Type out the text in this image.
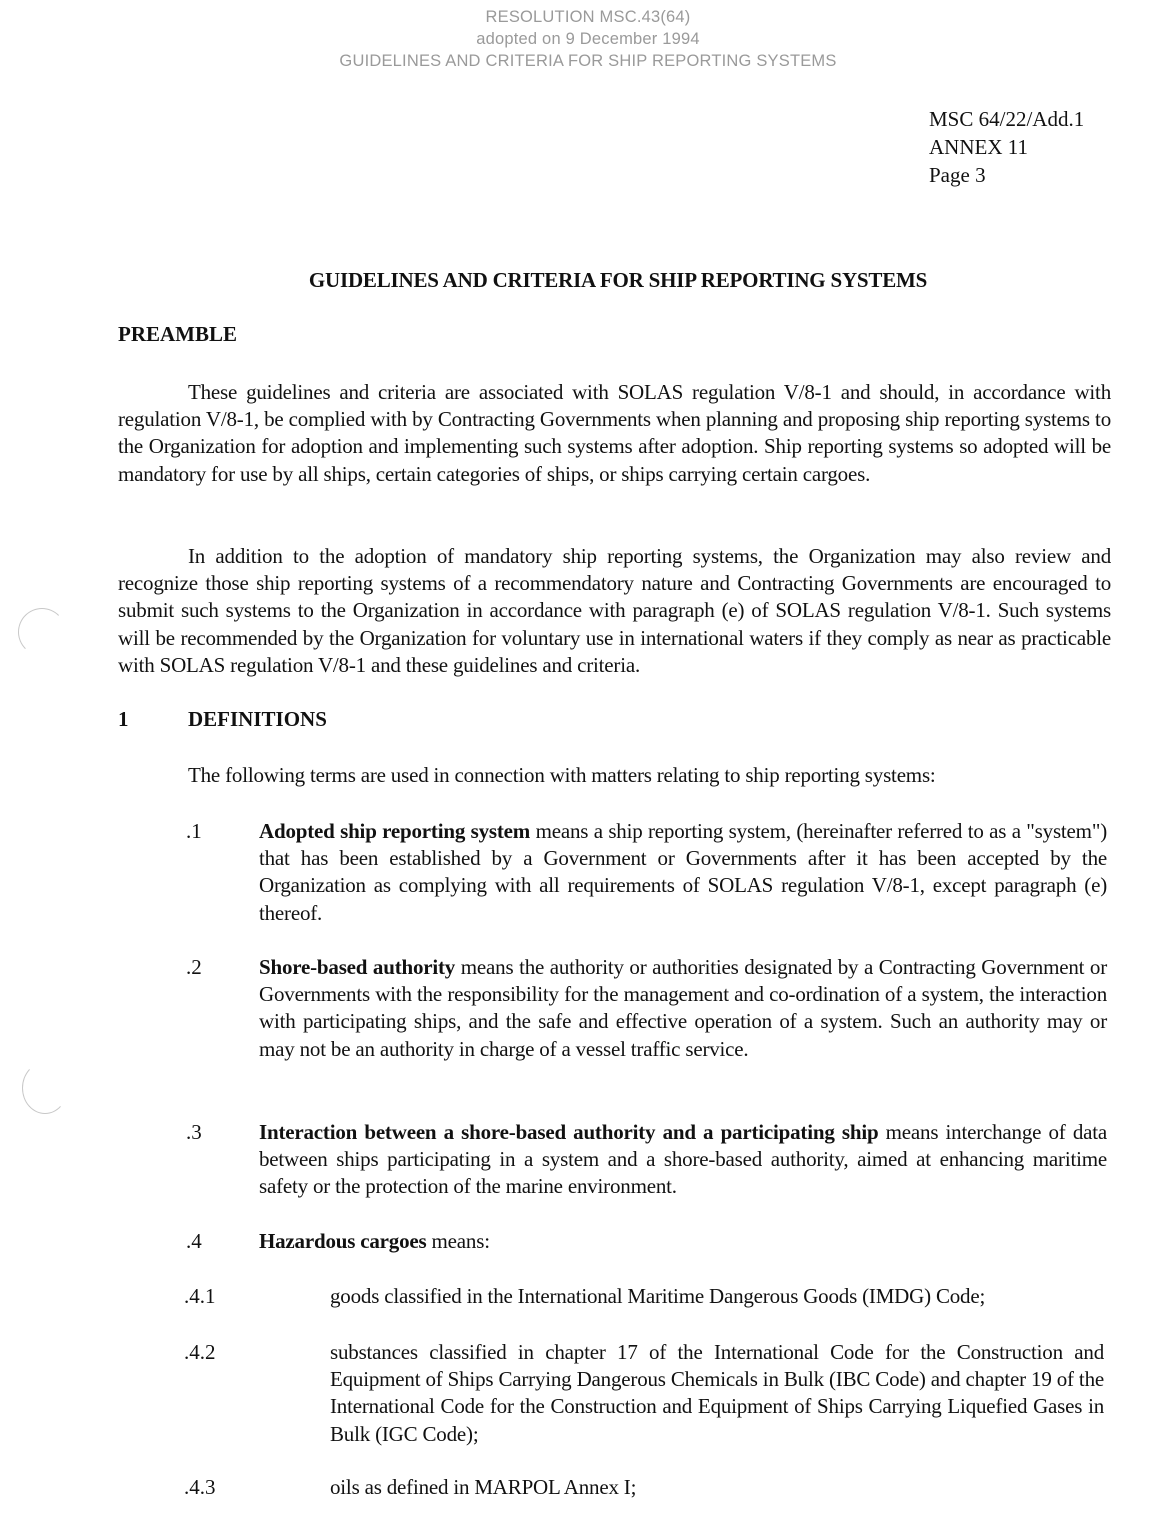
RESOLUTION MSC.43(64)
adopted on 9 December 1994
GUIDELINES AND CRITERIA FOR SHIP REPORTING SYSTEMS
MSC 64/22/Add.1
ANNEX 11
Page 3
GUIDELINES AND CRITERIA FOR SHIP REPORTING SYSTEMS
PREAMBLE
These guidelines and criteria are associated with SOLAS regulation V/8-1 and should, in accordance with regulation V/8-1, be complied with by Contracting Governments when planning and proposing ship reporting systems to the Organization for adoption and implementing such systems after adoption. Ship reporting systems so adopted will be mandatory for use by all ships, certain categories of ships, or ships carrying certain cargoes.
In addition to the adoption of mandatory ship reporting systems, the Organization may also review and recognize those ship reporting systems of a recommendatory nature and Contracting Governments are encouraged to submit such systems to the Organization in accordance with paragraph (e) of SOLAS regulation V/8-1. Such systems will be recommended by the Organization for voluntary use in international waters if they comply as near as practicable with SOLAS regulation V/8-1 and these guidelines and criteria.
1	DEFINITIONS
The following terms are used in connection with matters relating to ship reporting systems:
.1	Adopted ship reporting system means a ship reporting system, (hereinafter referred to as a "system") that has been established by a Government or Governments after it has been accepted by the Organization as complying with all requirements of SOLAS regulation V/8-1, except paragraph (e) thereof.
.2	Shore-based authority means the authority or authorities designated by a Contracting Government or Governments with the responsibility for the management and co-ordination of a system, the interaction with participating ships, and the safe and effective operation of a system. Such an authority may or may not be an authority in charge of a vessel traffic service.
.3	Interaction between a shore-based authority and a participating ship means interchange of data between ships participating in a system and a shore-based authority, aimed at enhancing maritime safety or the protection of the marine environment.
.4	Hazardous cargoes means:
.4.1	goods classified in the International Maritime Dangerous Goods (IMDG) Code;
.4.2	substances classified in chapter 17 of the International Code for the Construction and Equipment of Ships Carrying Dangerous Chemicals in Bulk (IBC Code) and chapter 19 of the International Code for the Construction and Equipment of Ships Carrying Liquefied Gases in Bulk (IGC Code);
.4.3	oils as defined in MARPOL Annex I;
